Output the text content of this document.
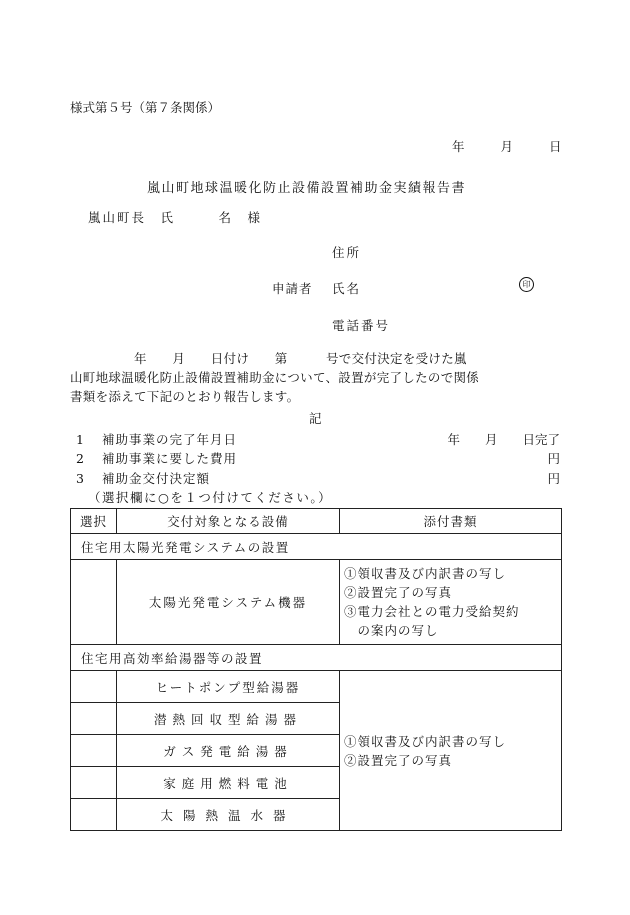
様式第５号（第７条関係）
年	月	日
嵐山町地球温暖化防止設備設置補助金実績報告書
嵐山町長　氏　　　名　様
住所
申請者 氏名	印
電話番号

　　　　　年　　月　　日付け　　第　　　号で交付決定を受けた嵐

山町地球温暖化防止設備設置補助金について、設置が完了したので関係

書類を添えて下記のとおり報告します。

記
1 補助事業の完了年月日	年　　月　　日完了
2 補助事業に要した費用	円
3 補助金交付決定額	円
（選択欄に○を１つ付けてください。）
選択	交付対象となる設備	添付書類
住宅用太陽光発電システムの設置		
	太陽光発電システム機器	①領収書及び内訳書の写し
②設置完了の写真
③電力会社との電力受給契約
　の案内の写し

住宅用高効率給湯器等の設置		
	ヒートポンプ型給湯器	①領収書及び内訳書の写し
②設置完了の写真

	潜熱回収型給湯器	
	ガス発電給湯器	
	家庭用燃料電池	
	太陽熱温水器	
